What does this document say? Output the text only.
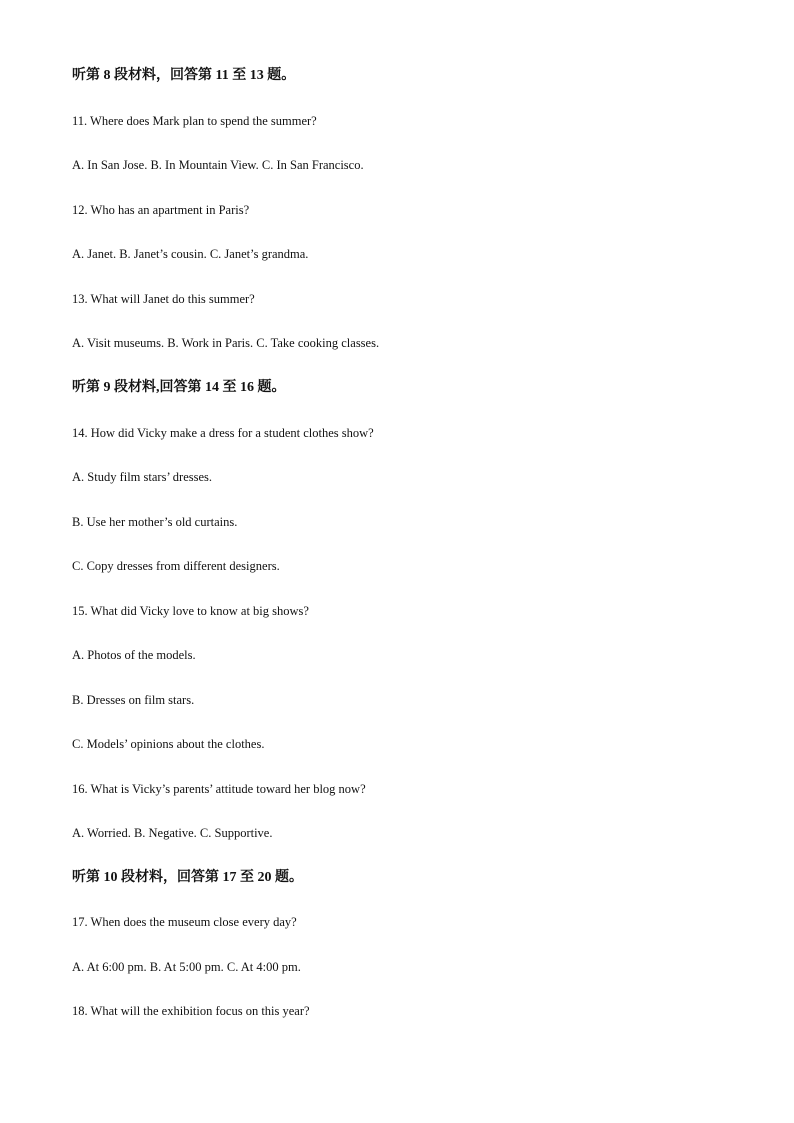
听第 8 段材料，回答第 11 至 13 题。
11. Where does Mark plan to spend the summer?
A. In San Jose. B. In Mountain View. C. In San Francisco.
12. Who has an apartment in Paris?
A. Janet. B. Janet’s cousin. C. Janet’s grandma.
13. What will Janet do this summer?
A. Visit museums. B. Work in Paris. C. Take cooking classes.
听第 9 段材料,回答第 14 至 16 题。
14. How did Vicky make a dress for a student clothes show?
A. Study film stars’ dresses.
B. Use her mother’s old curtains.
C. Copy dresses from different designers.
15. What did Vicky love to know at big shows?
A. Photos of the models.
B. Dresses on film stars.
C. Models’ opinions about the clothes.
16. What is Vicky’s parents’ attitude toward her blog now?
A. Worried. B. Negative. C. Supportive.
听第 10 段材料，回答第 17 至 20 题。
17. When does the museum close every day?
A. At 6:00 pm. B. At 5:00 pm. C. At 4:00 pm.
18. What will the exhibition focus on this year?
